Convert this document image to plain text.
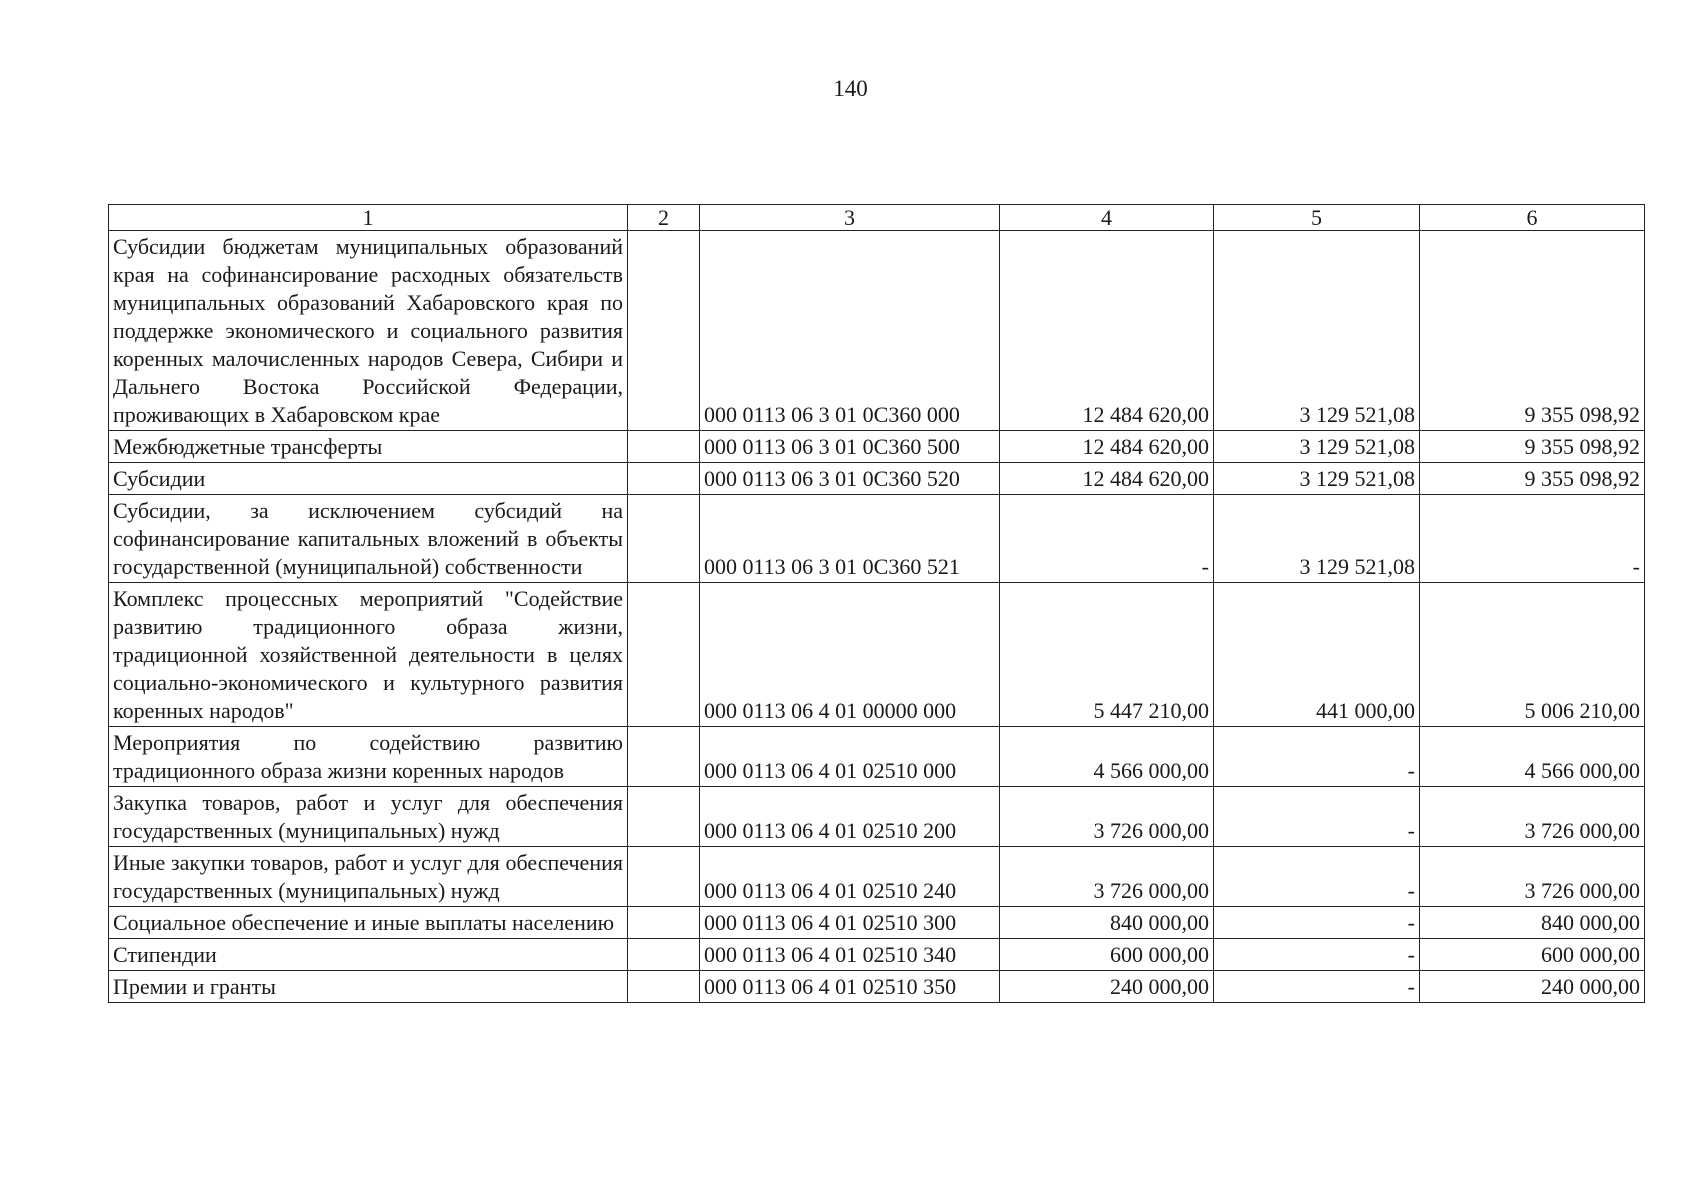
140
1	2	3	4	5	6
Субсидии бюджетам муниципальных образований края на софинансирование расходных обязательств муниципальных образований Хабаровского края по поддержке экономического и социального развития коренных малочисленных народов Севера, Сибири и Дальнего Востока Российской Федерации, проживающих в Хабаровском крае		000 0113 06 3 01 0С360 000	12 484 620,00	3 129 521,08	9 355 098,92
Межбюджетные трансферты		000 0113 06 3 01 0С360 500	12 484 620,00	3 129 521,08	9 355 098,92
Субсидии		000 0113 06 3 01 0С360 520	12 484 620,00	3 129 521,08	9 355 098,92
Субсидии, за исключением субсидий на софинансирование капитальных вложений в объекты государственной (муниципальной) собственности		000 0113 06 3 01 0С360 521	-	3 129 521,08	-
Комплекс процессных мероприятий "Содействие развитию традиционного образа жизни, традиционной хозяйственной деятельности в целях социально-экономического и культурного развития коренных народов"		000 0113 06 4 01 00000 000	5 447 210,00	441 000,00	5 006 210,00
Мероприятия по содействию развитию традиционного образа жизни коренных народов		000 0113 06 4 01 02510 000	4 566 000,00	-	4 566 000,00
Закупка товаров, работ и услуг для обеспечения государственных (муниципальных) нужд		000 0113 06 4 01 02510 200	3 726 000,00	-	3 726 000,00
Иные закупки товаров, работ и услуг для обеспечения государственных (муниципальных) нужд		000 0113 06 4 01 02510 240	3 726 000,00	-	3 726 000,00
Социальное обеспечение и иные выплаты населению		000 0113 06 4 01 02510 300	840 000,00	-	840 000,00
Стипендии		000 0113 06 4 01 02510 340	600 000,00	-	600 000,00
Премии и гранты		000 0113 06 4 01 02510 350	240 000,00	-	240 000,00
